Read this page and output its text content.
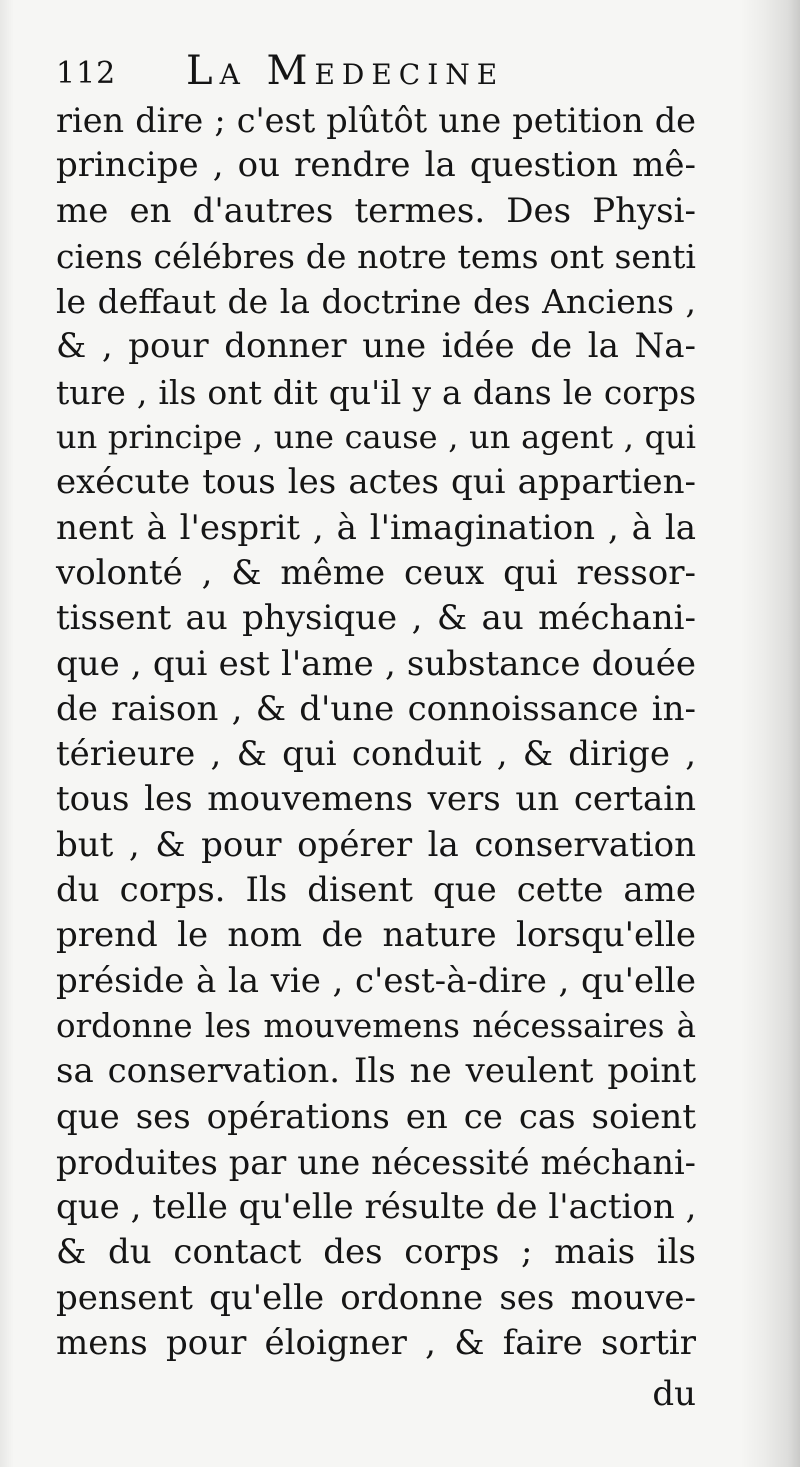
112 La Medecine
rien dire ; c'est plûtôt une petition de
principe , ou rendre la question mê-
me en d'autres termes. Des Physi-
ciens célébres de notre tems ont senti
le deffaut de la doctrine des Anciens ,
& , pour donner une idée de la Na-
ture , ils ont dit qu'il y a dans le corps
un principe , une cause , un agent , qui
exécute tous les actes qui appartien-
nent à l'esprit , à l'imagination , à la
volonté , & même ceux qui ressor-
tissent au physique , & au méchani-
que , qui est l'ame , substance douée
de raison , & d'une connoissance in-
térieure , & qui conduit , & dirige ,
tous les mouvemens vers un certain
but , & pour opérer la conservation
du corps. Ils disent que cette ame
prend le nom de nature lorsqu'elle
préside à la vie , c'est-à-dire , qu'elle
ordonne les mouvemens nécessaires à
sa conservation. Ils ne veulent point
que ses opérations en ce cas soient
produites par une nécessité méchani-
que , telle qu'elle résulte de l'action ,
& du contact des corps ; mais ils
pensent qu'elle ordonne ses mouve-
mens pour éloigner , & faire sortir
du
